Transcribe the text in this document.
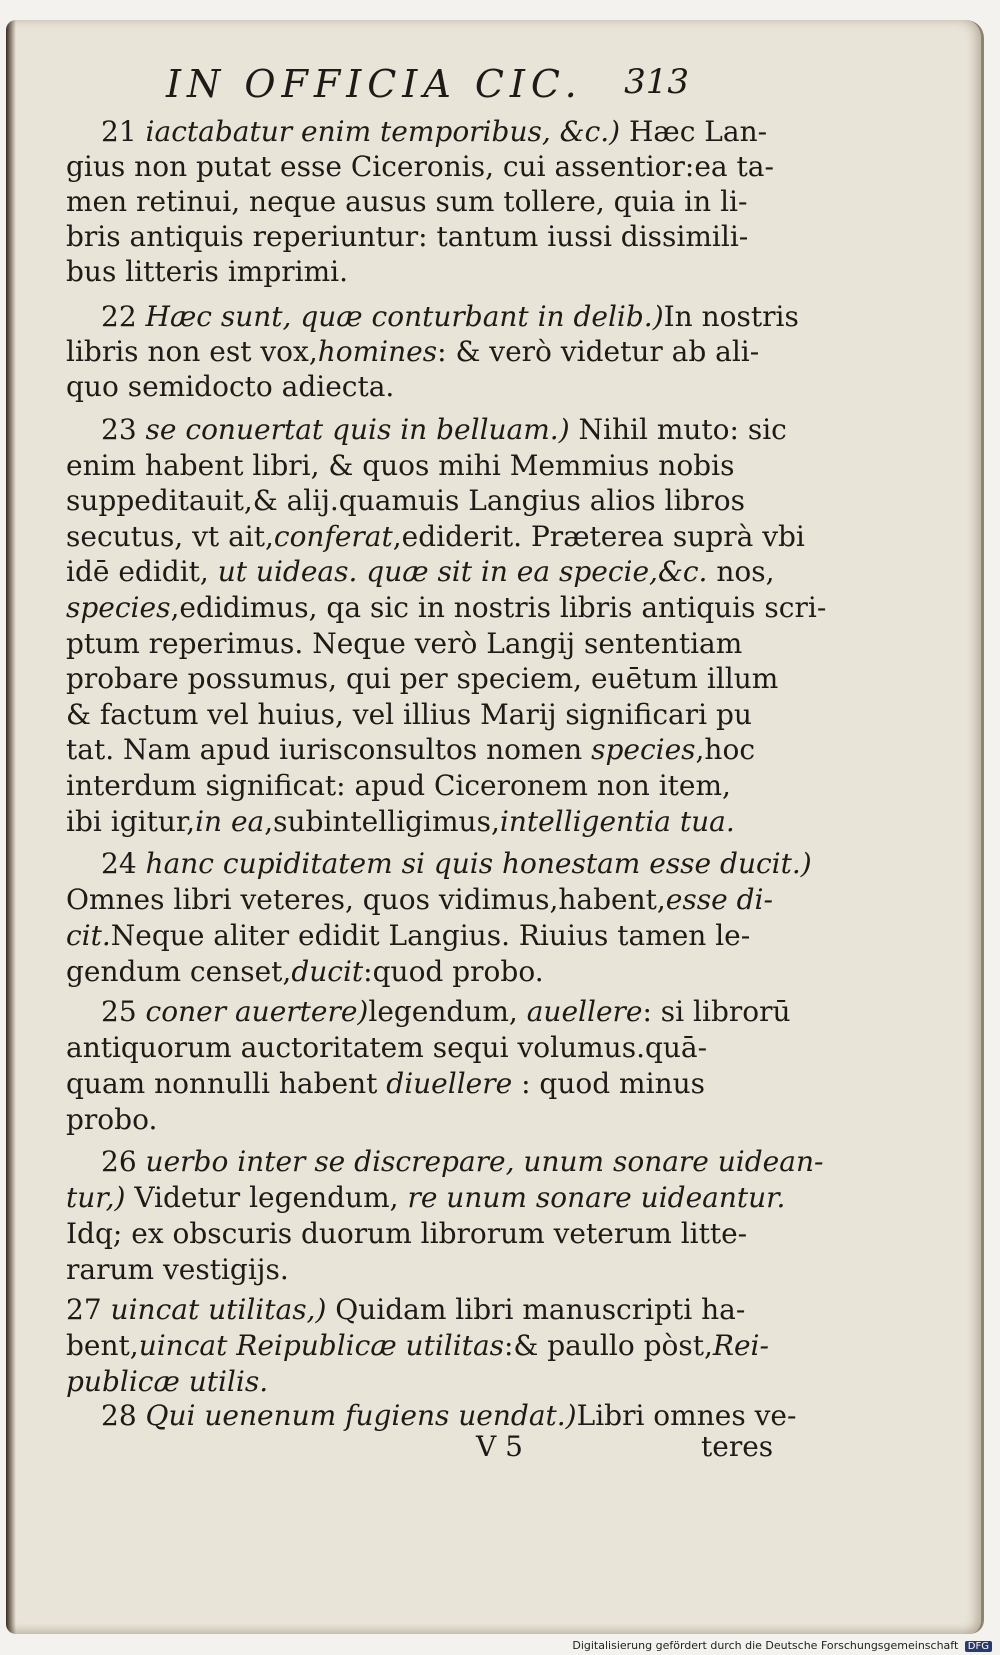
IN OFFICIA CIC. 313
21 iactabatur enim temporibus, &c.) Hæc Lan-
gius non putat esse Ciceronis, cui assentior:ea ta-
men retinui, neque ausus sum tollere, quia in li-
bris antiquis reperiuntur: tantum iussi dissimili-
bus litteris imprimi.
22 Hæc sunt, quæ conturbant in delib.)In nostris
libris non est vox,homines: & verò videtur ab ali-
quo semidocto adiecta.
23 se conuertat quis in belluam.) Nihil muto: sic
enim habent libri, & quos mihi Memmius nobis
suppeditauit,& alij.quamuis Langius alios libros
secutus, vt ait,conferat,ediderit. Præterea suprà vbi
idē edidit, ut uideas. quæ sit in ea specie,&c. nos,
species,edidimus, qa sic in nostris libris antiquis scri-
ptum reperimus. Neque verò Langij sententiam
probare possumus, qui per speciem, euētum illum
& factum vel huius, vel illius Marij significari pu
tat. Nam apud iurisconsultos nomen species,hoc
interdum significat: apud Ciceronem non item,
ibi igitur,in ea,subintelligimus,intelligentia tua.
24 hanc cupiditatem si quis honestam esse ducit.)
Omnes libri veteres, quos vidimus,habent,esse di-
cit.Neque aliter edidit Langius. Riuius tamen le-
gendum censet,ducit:quod probo.
25 coner auertere)legendum, auellere: si librorū
antiquorum auctoritatem sequi volumus.quā-
quam nonnulli habent diuellere : quod minus
probo.
26 uerbo inter se discrepare, unum sonare uidean-
tur,) Videtur legendum, re unum sonare uideantur.
Idq; ex obscuris duorum librorum veterum litte-
rarum vestigijs.
27 uincat utilitas,) Quidam libri manuscripti ha-
bent,uincat Reipublicæ utilitas:& paullo pòst,Rei-
publicæ utilis.
28 Qui uenenum fugiens uendat.)Libri omnes ve-
V 5	teres
Digitalisierung gefördert durch die Deutsche Forschungsgemeinschaft DFG
